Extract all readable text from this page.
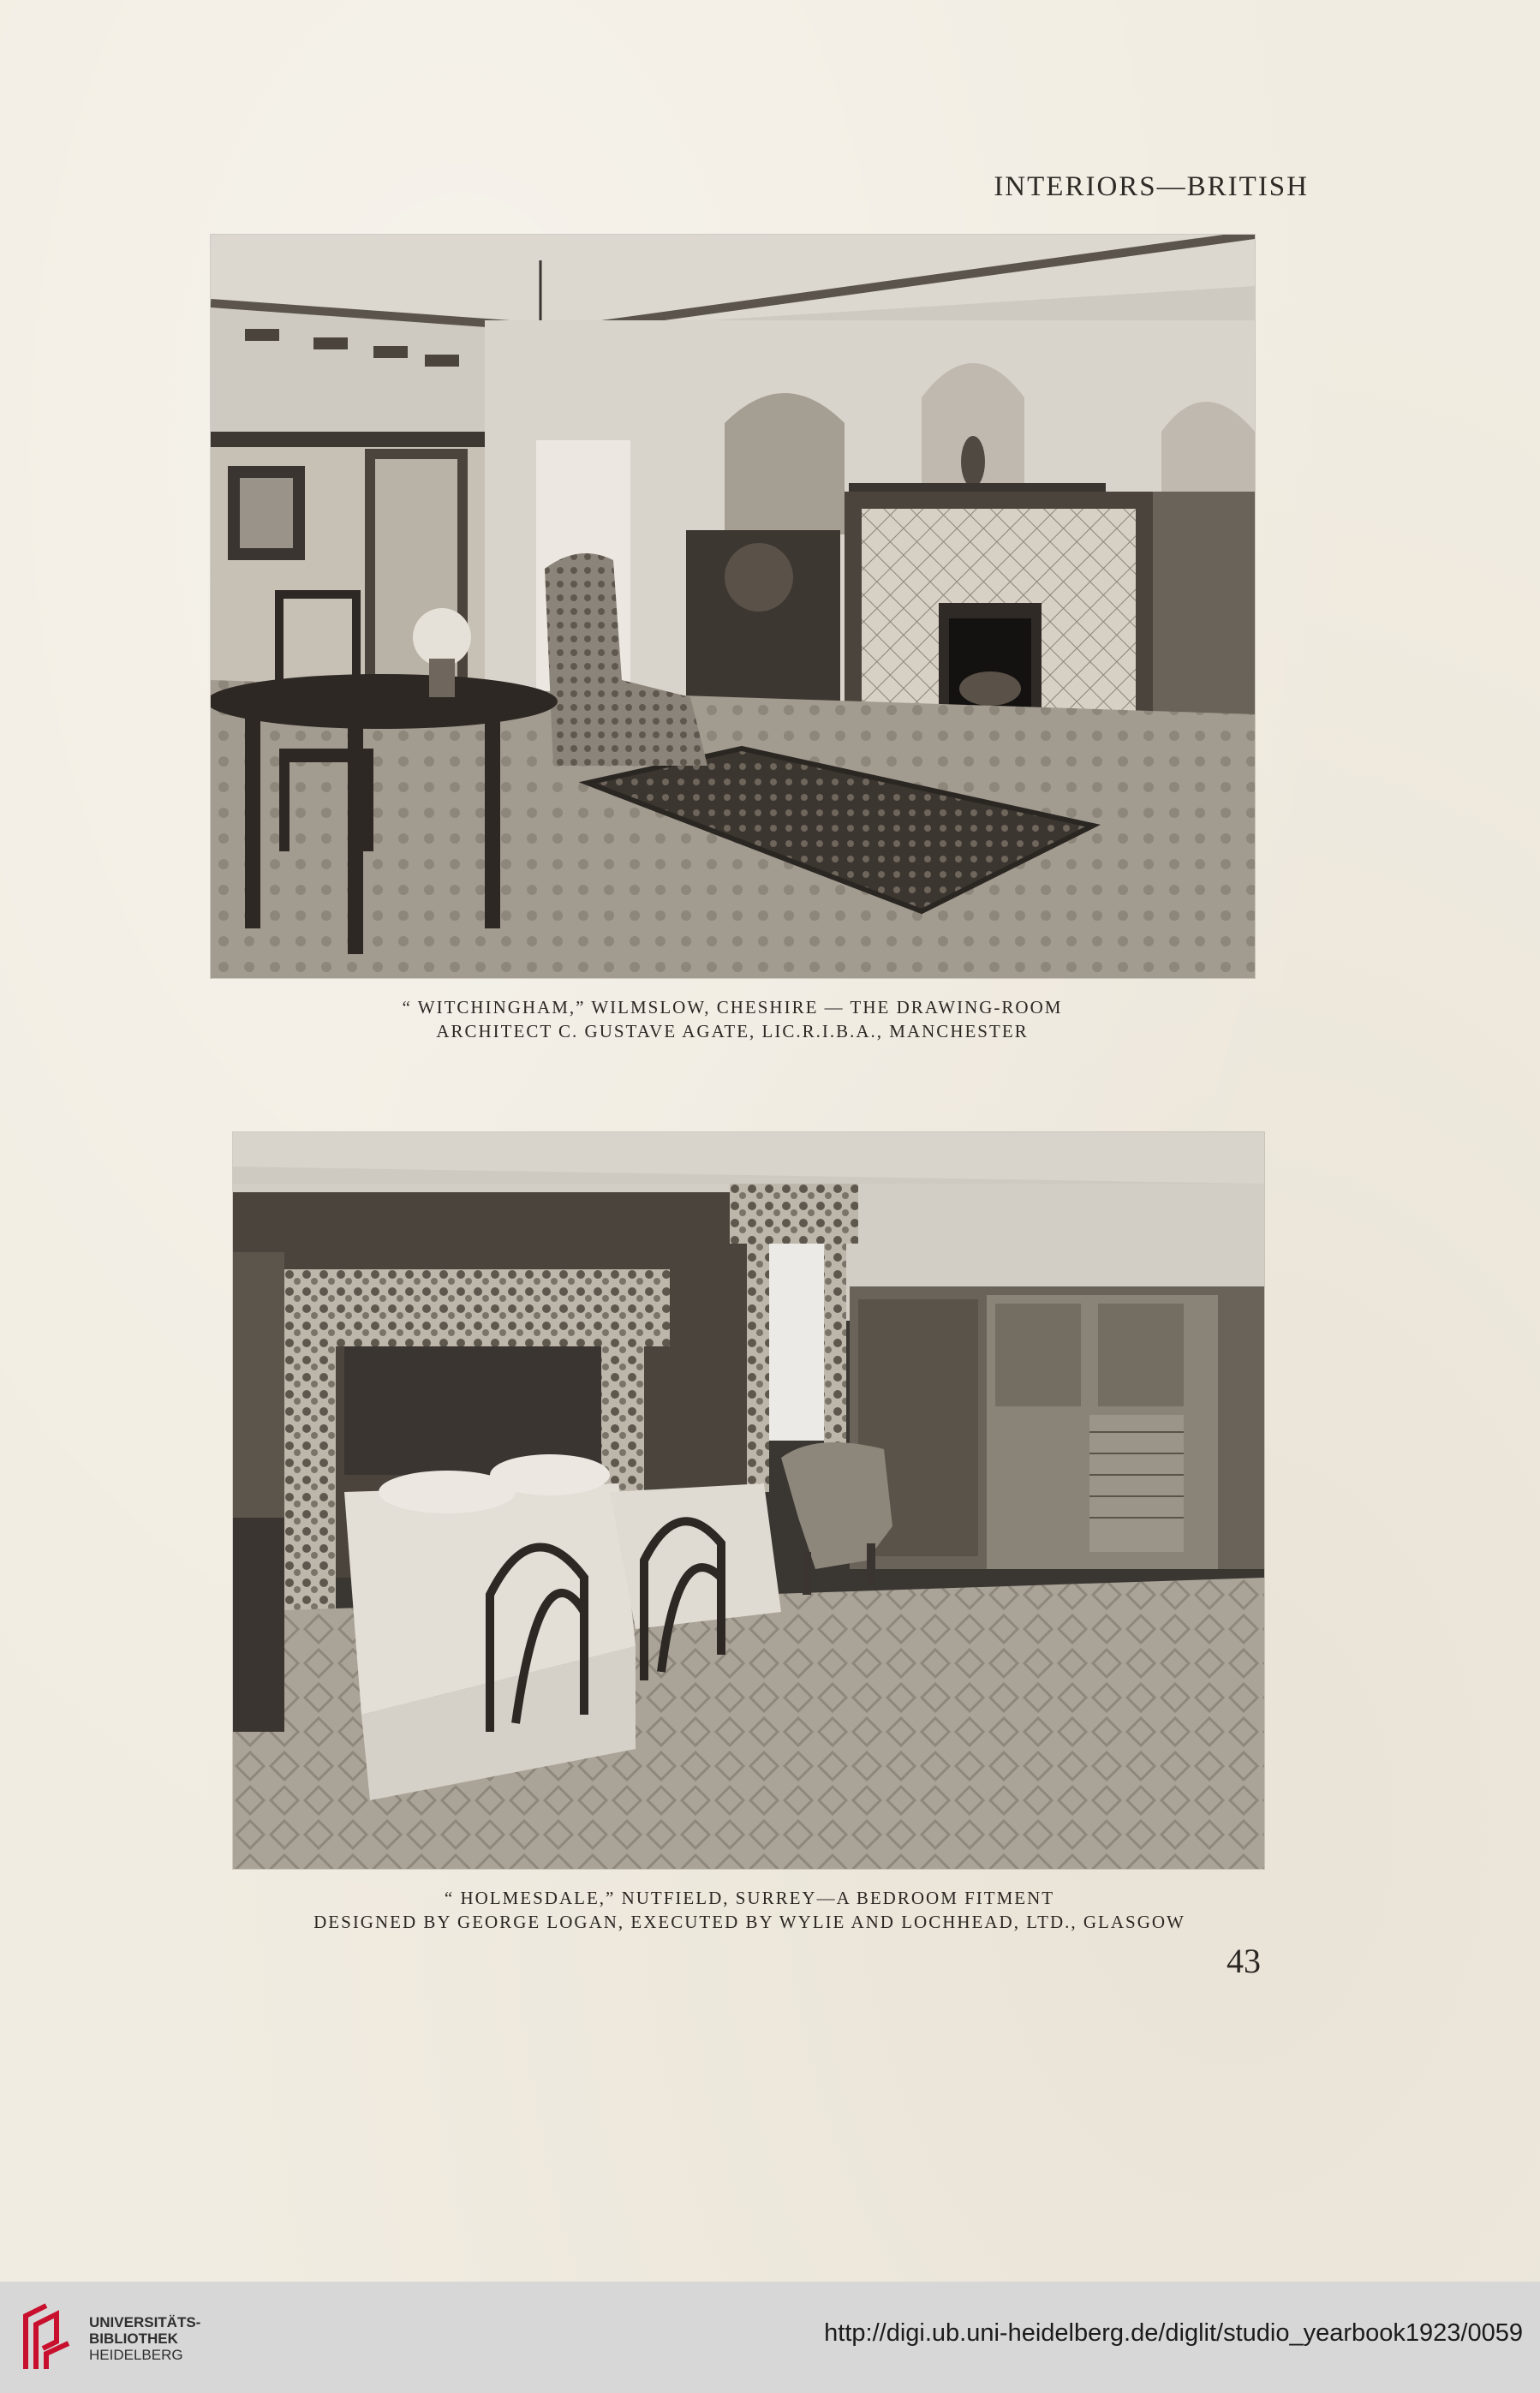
INTERIORS—BRITISH
“ WITCHINGHAM,” WILMSLOW, CHESHIRE — THE DRAWING-ROOM
ARCHITECT C. GUSTAVE AGATE, LIC.R.I.B.A., MANCHESTER
“ HOLMESDALE,” NUTFIELD, SURREY—A BEDROOM FITMENT
DESIGNED BY GEORGE LOGAN, EXECUTED BY WYLIE AND LOCHHEAD, LTD., GLASGOW
43
UNIVERSITÄTS-
BIBLIOTHEK
HEIDELBERG
http://digi.ub.uni-heidelberg.de/diglit/studio_yearbook1923/0059
